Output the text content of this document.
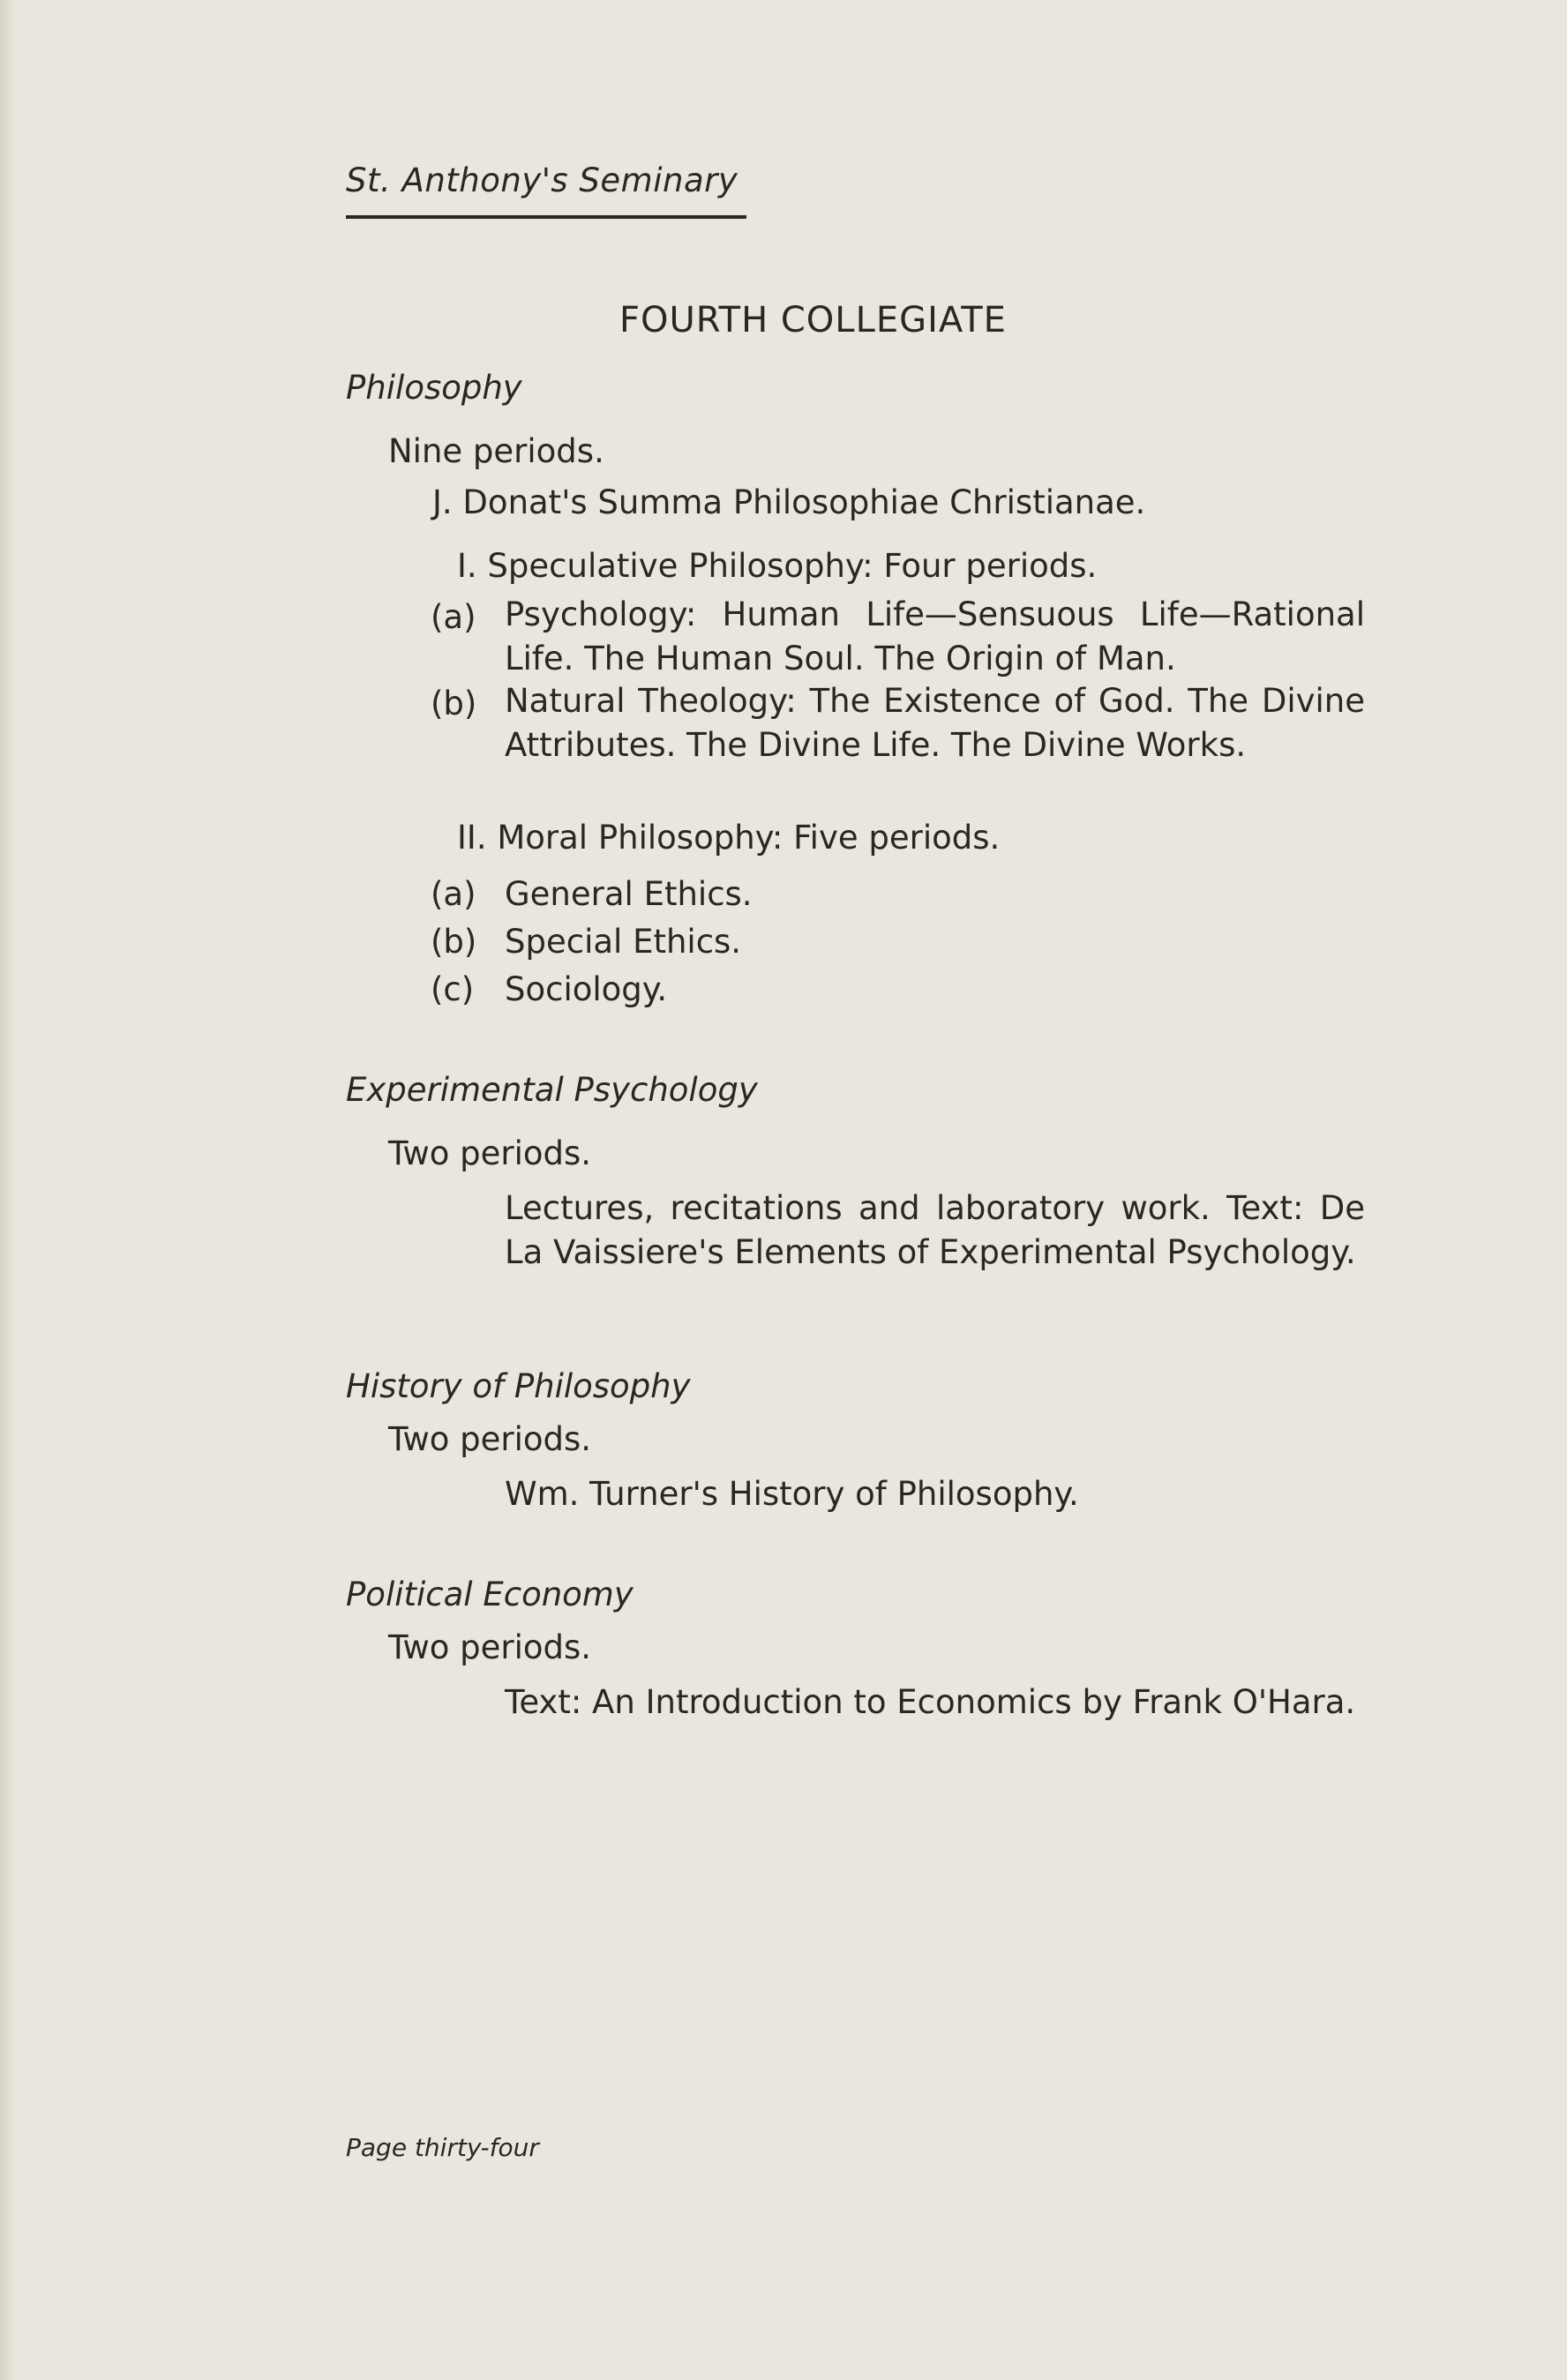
St. Anthony's Seminary
FOURTH COLLEGIATE
Philosophy
Nine periods.
J. Donat's Summa Philosophiae Christianae.
I. Speculative Philosophy: Four periods.
(a) Psychology: Human Life—Sensuous Life—Rational Life. The Human Soul. The Origin of Man.
(b) Natural Theology: The Existence of God. The Divine Attributes. The Divine Life. The Divine Works.
II. Moral Philosophy: Five periods.
(a) General Ethics.
(b) Special Ethics.
(c) Sociology.
Experimental Psychology
Two periods.
Lectures, recitations and laboratory work. Text: De La Vaissiere's Elements of Experimental Psychology.
History of Philosophy
Two periods.
Wm. Turner's History of Philosophy.
Political Economy
Two periods.
Text: An Introduction to Economics by Frank O'Hara.
Page thirty-four
